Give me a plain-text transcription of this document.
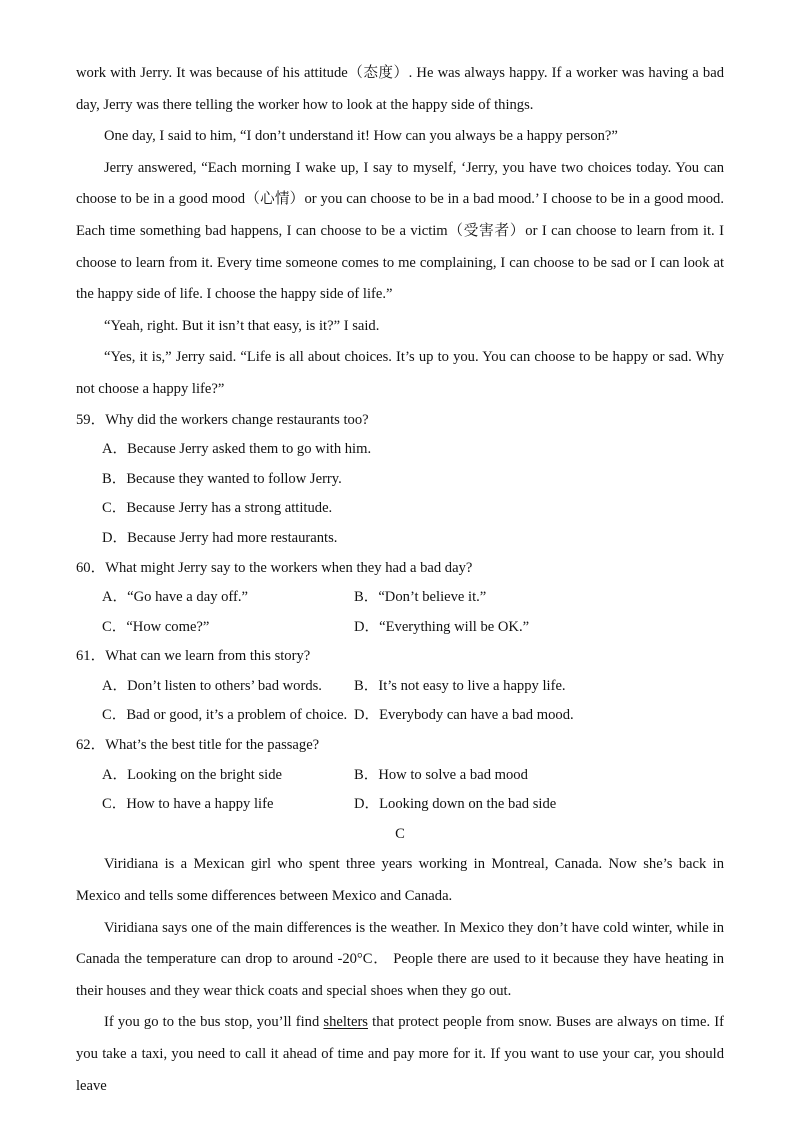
work with Jerry. It was because of his attitude（态度）. He was always happy. If a worker was having a bad day, Jerry was there telling the worker how to look at the happy side of things.

One day, I said to him, “I don’t understand it! How can you always be a happy person?”

Jerry answered, “Each morning I wake up, I say to myself, ‘Jerry, you have two choices today. You can choose to be in a good mood（心情）or you can choose to be in a bad mood.’ I choose to be in a good mood. Each time something bad happens, I can choose to be a victim（受害者）or I can choose to learn from it. I choose to learn from it. Every time someone comes to me complaining, I can choose to be sad or I can look at the happy side of life. I choose the happy side of life.”

“Yeah, right. But it isn’t that easy, is it?” I said.

“Yes, it is,” Jerry said. “Life is all about choices. It’s up to you. You can choose to be happy or sad. Why not choose a happy life?”

59．Why did the workers change restaurants too?

A．Because Jerry asked them to go with him.

B．Because they wanted to follow Jerry.

C．Because Jerry has a strong attitude.

D．Because Jerry had more restaurants.

60．What might Jerry say to the workers when they had a bad day?

A．“Go have a day off.”	B．“Don’t believe it.”
C．“How come?”	D．“Everything will be OK.”

61．What can we learn from this story?

A．Don’t listen to others’ bad words.	B．It’s not easy to live a happy life.
C．Bad or good, it’s a problem of choice. D．Everybody can have a bad mood.

62．What’s the best title for the passage?

A．Looking on the bright side	B．How to solve a bad mood
C．How to have a happy life	D．Looking down on the bad side

C

Viridiana is a Mexican girl who spent three years working in Montreal, Canada. Now she’s back in Mexico and tells some differences between Mexico and Canada.

Viridiana says one of the main differences is the weather. In Mexico they don’t have cold winter, while in Canada the temperature can drop to around -20°C． People there are used to it because they have heating in their houses and they wear thick coats and special shoes when they go out.

If you go to the bus stop, you’ll find shelters that protect people from snow. Buses are always on time. If you take a taxi, you need to call it ahead of time and pay more for it. If you want to use your car, you should leave
